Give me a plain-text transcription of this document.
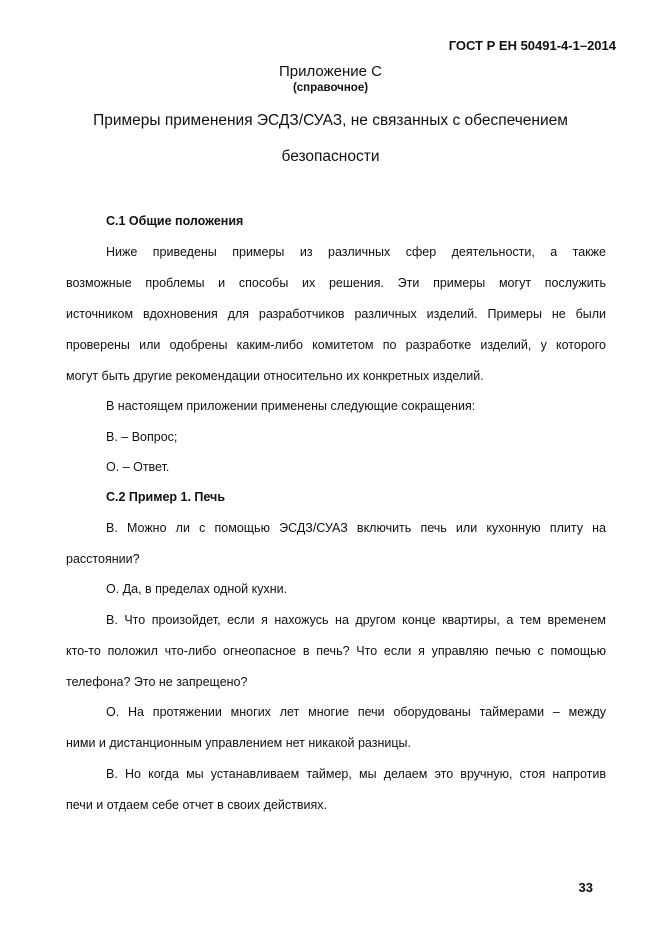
ГОСТ Р ЕН 50491-4-1–2014
Приложение С
(справочное)
Примеры применения ЭСДЗ/СУАЗ, не связанных с обеспечением
безопасности
С.1 Общие положения
Ниже приведены примеры из различных сфер деятельности, а также
возможные проблемы и способы их решения. Эти примеры могут послужить
источником вдохновения для разработчиков различных изделий. Примеры не были
проверены или одобрены каким-либо комитетом по разработке изделий, у которого
могут быть другие рекомендации относительно их конкретных изделий.
В настоящем приложении применены следующие сокращения:
В. – Вопрос;
О. – Ответ.
С.2 Пример 1. Печь
В. Можно ли с помощью ЭСДЗ/СУАЗ включить печь или кухонную плиту на
расстоянии?
О. Да, в пределах одной кухни.
В. Что произойдет, если я нахожусь на другом конце квартиры, а тем временем
кто-то положил что-либо огнеопасное в печь? Что если я управляю печью с помощью
телефона? Это не запрещено?
О. На протяжении многих лет многие печи оборудованы таймерами – между
ними и дистанционным управлением нет никакой разницы.
В. Но когда мы устанавливаем таймер, мы делаем это вручную, стоя напротив
печи и отдаем себе отчет в своих действиях.
33
